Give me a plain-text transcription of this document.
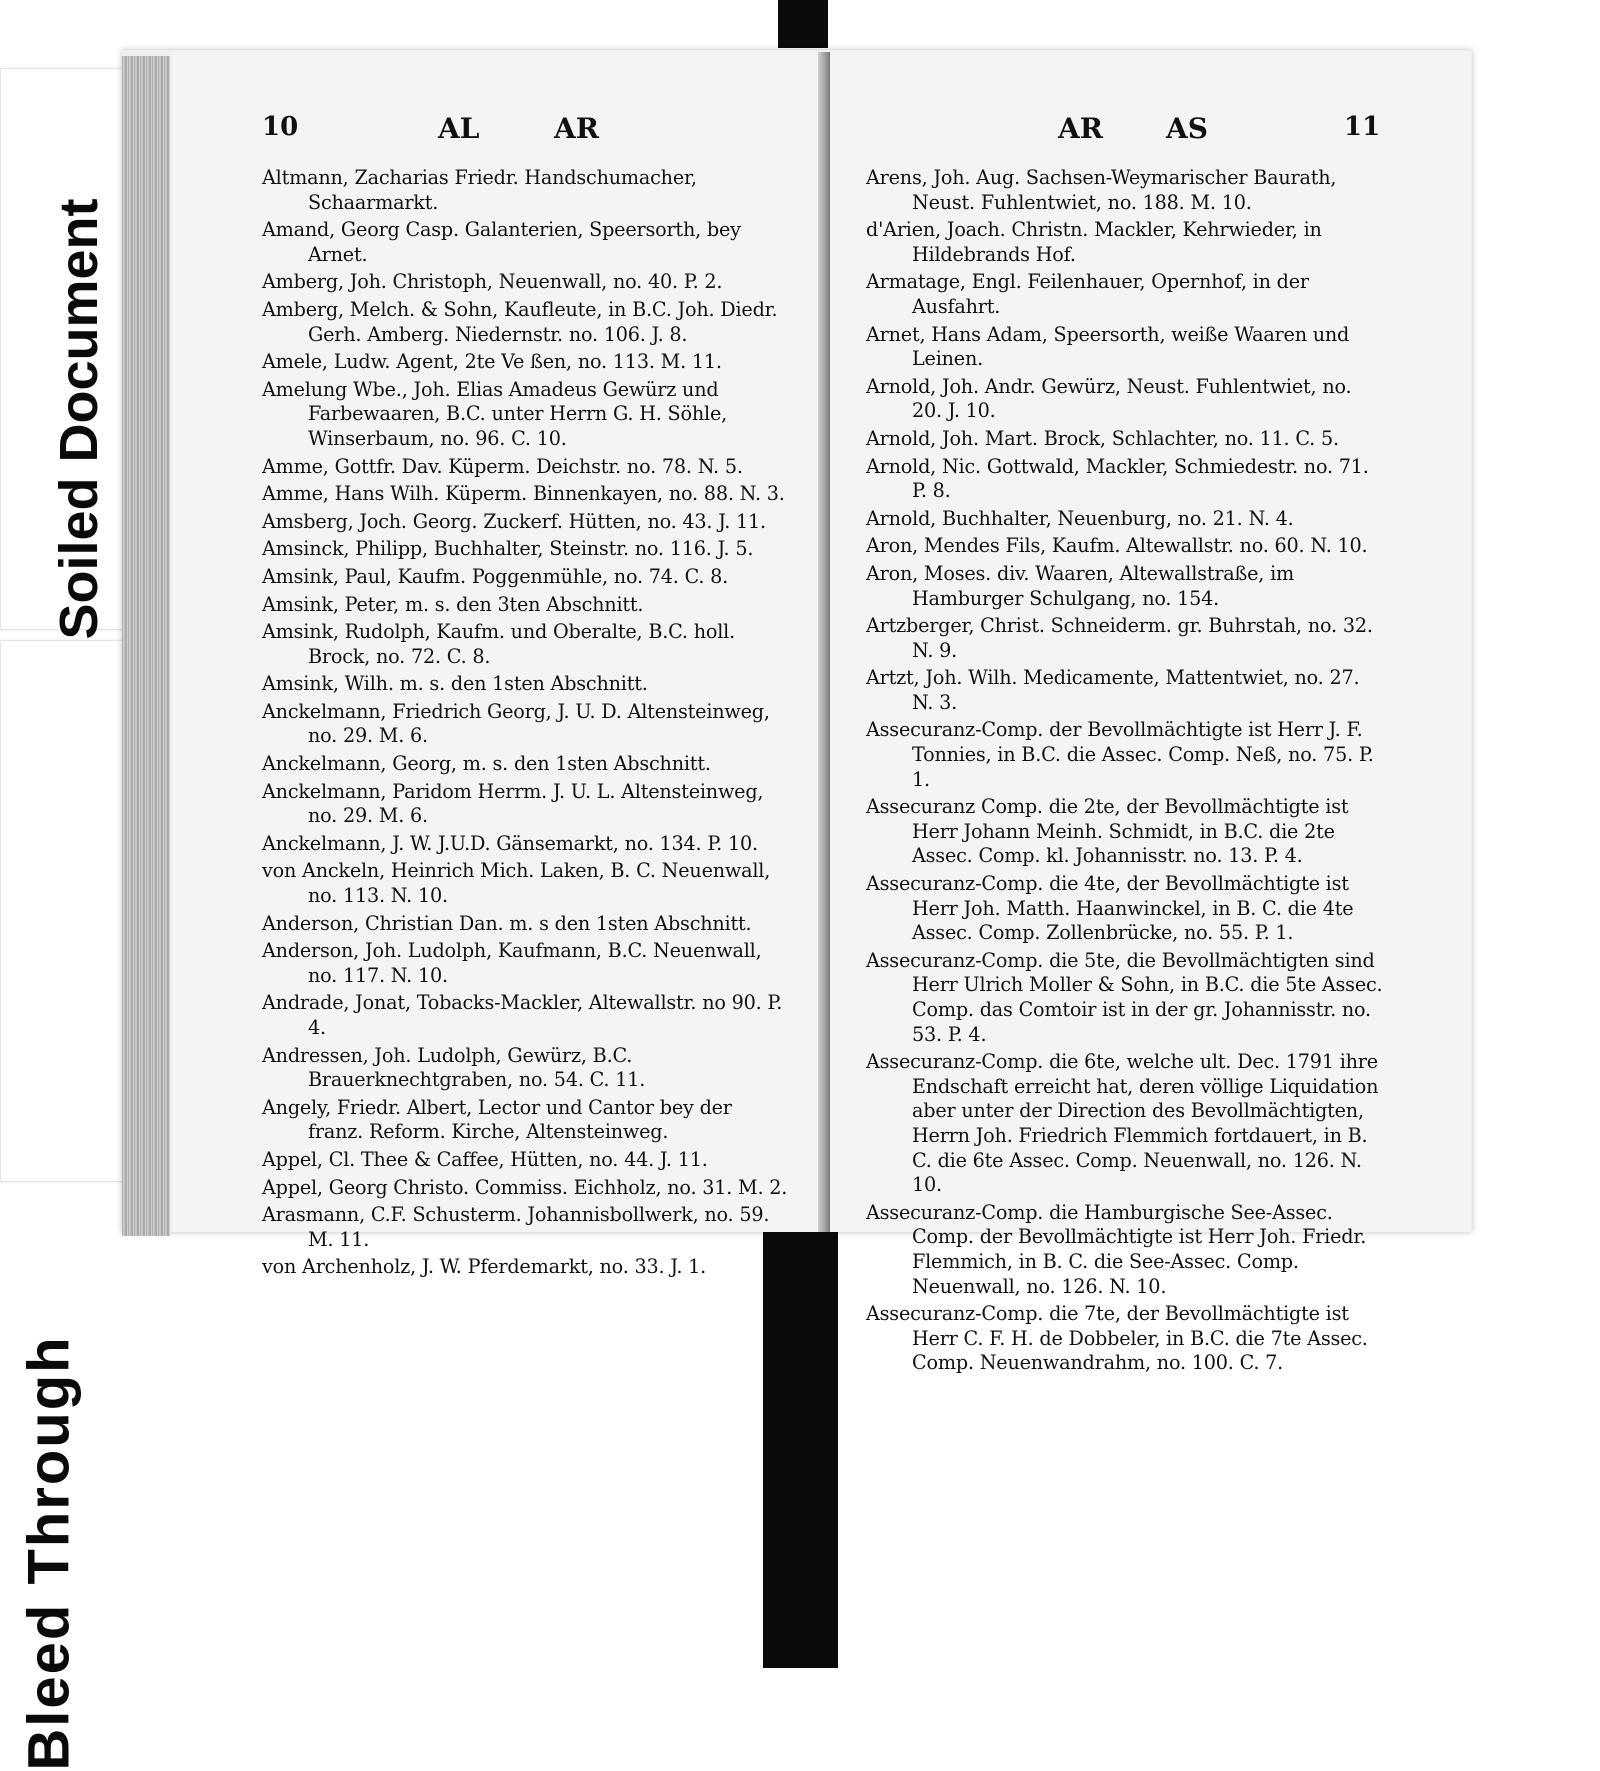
Soiled Document
Bleed Through
10	AL	AR

Altmann, Zacharias Friedr. Handschumacher, Schaarmarkt.

Amand, Georg Casp. Galanterien, Speersorth, bey Arnet.

Amberg, Joh. Christoph, Neuenwall, no. 40. P. 2.

Amberg, Melch. & Sohn, Kaufleute, in B.C. Joh. Diedr. Gerh. Amberg. Niedernstr. no. 106. J. 8.

Amele, Ludw. Agent, 2te Ve ßen, no. 113. M. 11.

Amelung Wbe., Joh. Elias Amadeus Gewürz und Farbewaaren, B.C. unter Herrn G. H. Söhle, Winserbaum, no. 96. C. 10.

Amme, Gottfr. Dav. Küperm. Deichstr. no. 78. N. 5.

Amme, Hans Wilh. Küperm. Binnenkayen, no. 88. N. 3.

Amsberg, Joch. Georg. Zuckerf. Hütten, no. 43. J. 11.

Amsinck, Philipp, Buchhalter, Steinstr. no. 116. J. 5.

Amsink, Paul, Kaufm. Poggenmühle, no. 74. C. 8.

Amsink, Peter, m. s. den 3ten Abschnitt.

Amsink, Rudolph, Kaufm. und Oberalte, B.C. holl. Brock, no. 72. C. 8.

Amsink, Wilh. m. s. den 1sten Abschnitt.

Anckelmann, Friedrich Georg, J. U. D. Altensteinweg, no. 29. M. 6.

Anckelmann, Georg, m. s. den 1sten Abschnitt.

Anckelmann, Paridom Herrm. J. U. L. Altensteinweg, no. 29. M. 6.

Anckelmann, J. W. J.U.D. Gänsemarkt, no. 134. P. 10.

von Anckeln, Heinrich Mich. Laken, B. C. Neuenwall, no. 113. N. 10.

Anderson, Christian Dan. m. s den 1sten Abschnitt.

Anderson, Joh. Ludolph, Kaufmann, B.C. Neuenwall, no. 117. N. 10.

Andrade, Jonat, Tobacks-Mackler, Altewallstr. no 90. P. 4.

Andressen, Joh. Ludolph, Gewürz, B.C. Brauerknechtgraben, no. 54. C. 11.

Angely, Friedr. Albert, Lector und Cantor bey der franz. Reform. Kirche, Altensteinweg.

Appel, Cl. Thee & Caffee, Hütten, no. 44. J. 11.

Appel, Georg Christo. Commiss. Eichholz, no. 31. M. 2.

Arasmann, C.F. Schusterm. Johannisbollwerk, no. 59. M. 11.

von Archenholz, J. W. Pferdemarkt, no. 33. J. 1.

AR AS	11

Arens, Joh. Aug. Sachsen-Weymarischer Baurath, Neust. Fuhlentwiet, no. 188. M. 10.

d'Arien, Joach. Christn. Mackler, Kehrwieder, in Hildebrands Hof.

Armatage, Engl. Feilenhauer, Opernhof, in der Ausfahrt.

Arnet, Hans Adam, Speersorth, weiße Waaren und Leinen.

Arnold, Joh. Andr. Gewürz, Neust. Fuhlentwiet, no. 20. J. 10.

Arnold, Joh. Mart. Brock, Schlachter, no. 11. C. 5.

Arnold, Nic. Gottwald, Mackler, Schmiedestr. no. 71. P. 8.

Arnold, Buchhalter, Neuenburg, no. 21. N. 4.

Aron, Mendes Fils, Kaufm. Altewallstr. no. 60. N. 10.

Aron, Moses. div. Waaren, Altewallstraße, im Hamburger Schulgang, no. 154.

Artzberger, Christ. Schneiderm. gr. Buhrstah, no. 32. N. 9.

Artzt, Joh. Wilh. Medicamente, Mattentwiet, no. 27. N. 3.

Assecuranz-Comp. der Bevollmächtigte ist Herr J. F. Tonnies, in B.C. die Assec. Comp. Neß, no. 75. P. 1.

Assecuranz Comp. die 2te, der Bevollmächtigte ist Herr Johann Meinh. Schmidt, in B.C. die 2te Assec. Comp. kl. Johannisstr. no. 13. P. 4.

Assecuranz-Comp. die 4te, der Bevollmächtigte ist Herr Joh. Matth. Haanwinckel, in B. C. die 4te Assec. Comp. Zollenbrücke, no. 55. P. 1.

Assecuranz-Comp. die 5te, die Bevollmächtigten sind Herr Ulrich Moller & Sohn, in B.C. die 5te Assec. Comp. das Comtoir ist in der gr. Johannisstr. no. 53. P. 4.

Assecuranz-Comp. die 6te, welche ult. Dec. 1791 ihre Endschaft erreicht hat, deren völlige Liquidation aber unter der Direction des Bevollmächtigten, Herrn Joh. Friedrich Flemmich fortdauert, in B. C. die 6te Assec. Comp. Neuenwall, no. 126. N. 10.

Assecuranz-Comp. die Hamburgische See-Assec. Comp. der Bevollmächtigte ist Herr Joh. Friedr. Flemmich, in B. C. die See-Assec. Comp. Neuenwall, no. 126. N. 10.

Assecuranz-Comp. die 7te, der Bevollmächtigte ist Herr C. F. H. de Dobbeler, in B.C. die 7te Assec. Comp. Neuenwandrahm, no. 100. C. 7.
